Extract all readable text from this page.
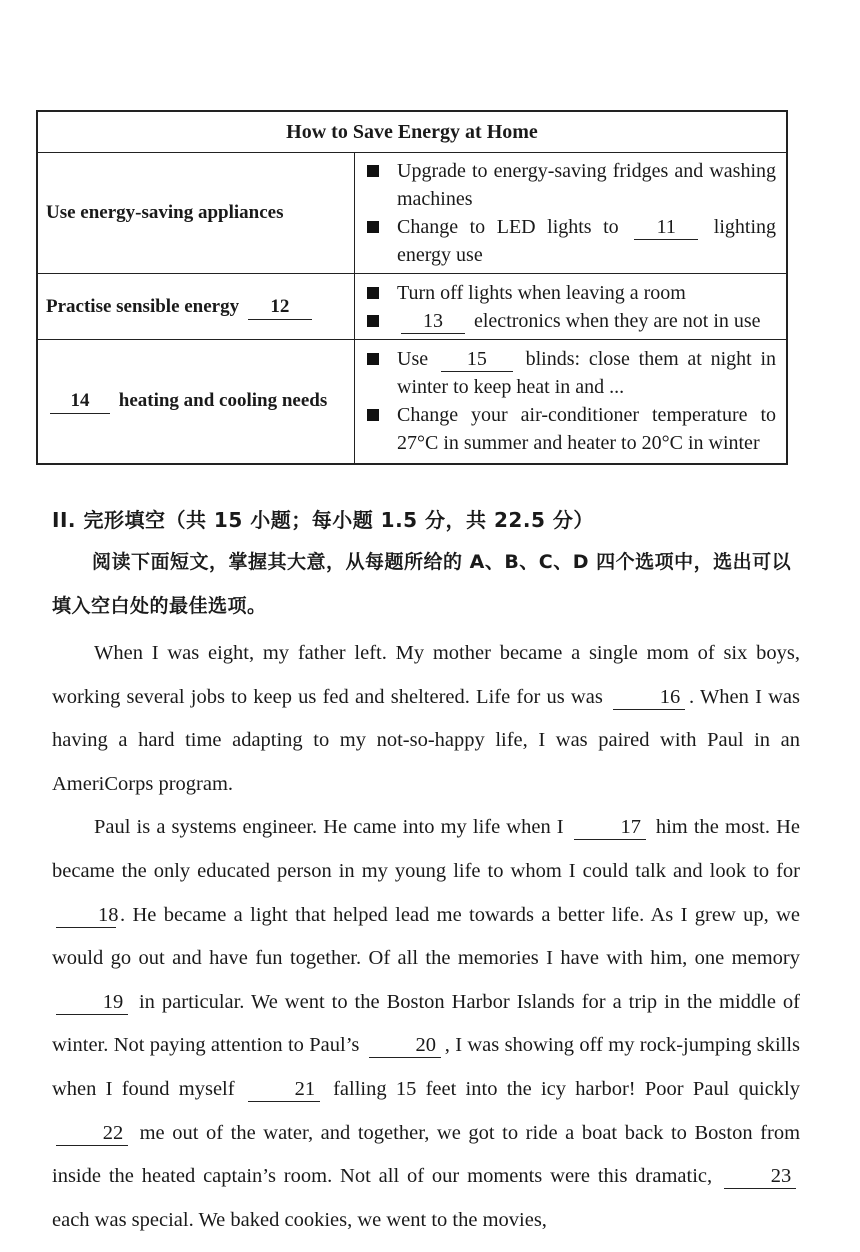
How to Save Energy at Home	
Use energy-saving appliances	Upgrade to energy-saving fridges and washing machines
Change to LED lights to 11 lighting energy use

Practise sensible energy 12	Turn off lights when leaving a room
13 electronics when they are not in use

14 heating and cooling needs	Use 15 blinds: close them at night in winter to keep heat in and ...
Change your air-conditioner temperature to 27°C in summer and heater to 20°C in winter
II. 完形填空（共 15 小题；每小题 1.5 分，共 22.5 分）
阅读下面短文，掌握其大意，从每题所给的 A、B、C、D 四个选项中，选出可以填入空白处的最佳选项。

When I was eight, my father left. My mother became a single mom of six boys, working several jobs to keep us fed and sheltered. Life for us was	16 . When I was having a hard time adapting to my not-so-happy life, I was paired with Paul in an AmeriCorps program.

Paul is a systems engineer. He came into my life when I	17 him the most. He became the only educated person in my young life to whom I could talk and look to for 18. He became a light that helped lead me towards a better life. As I grew up, we would go out and have fun together. Of all the memories I have with him, one memory 19 in particular. We went to the Boston Harbor Islands for a trip in the middle of winter. Not paying attention to Paul’s	20 , I was showing off my rock-jumping skills when I found myself	21 falling 15 feet into the icy harbor! Poor Paul quickly 22 me out of the water, and together, we got to ride a boat back to Boston from inside the heated captain’s room. Not all of our moments were this dramatic,	23 each was special. We baked cookies, we went to the movies,
